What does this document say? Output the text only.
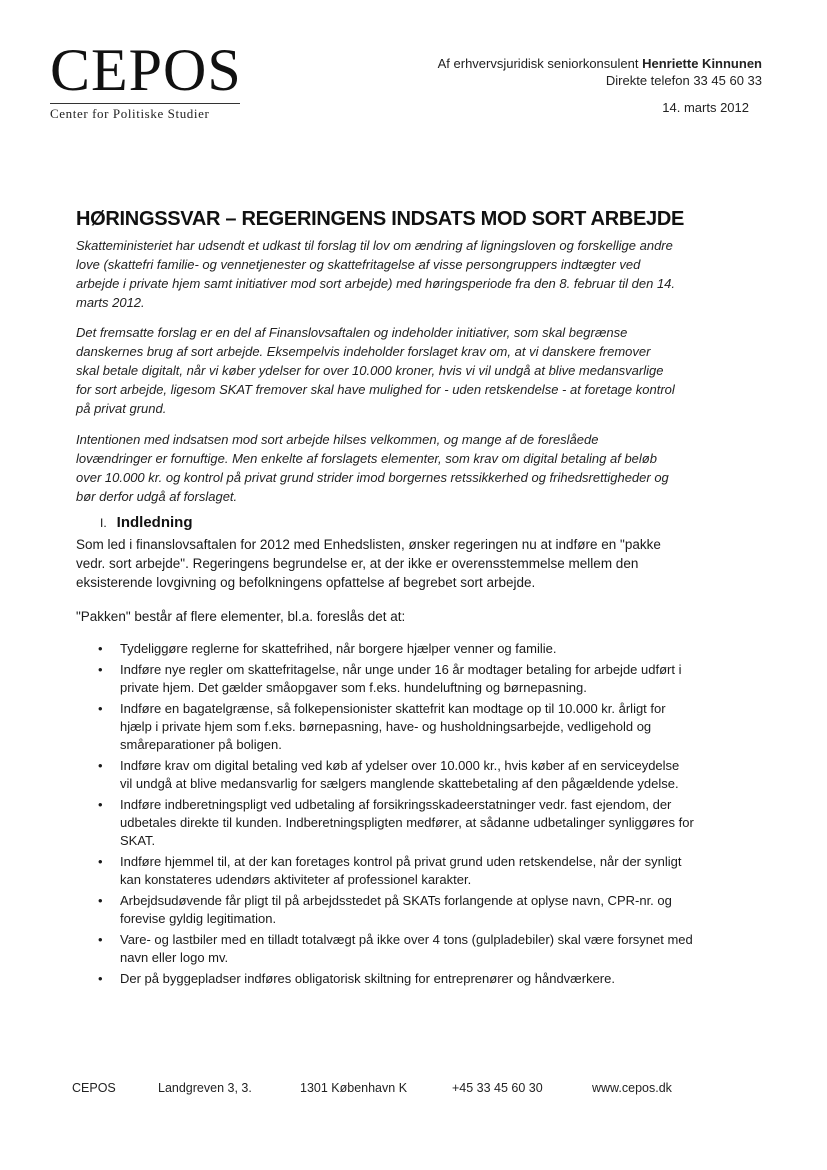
CEPOS
Center for Politiske Studier
Af erhvervsjuridisk seniorkonsulent Henriette Kinnunen
Direkte telefon 33 45 60 33
14. marts 2012
HØRINGSSVAR – REGERINGENS INDSATS MOD SORT ARBEJDE

Skatteministeriet har udsendt et udkast til forslag til lov om ændring af ligningsloven og forskellige andre love (skattefri familie- og vennetjenester og skattefritagelse af visse persongruppers indtægter ved arbejde i private hjem samt initiativer mod sort arbejde) med høringsperiode fra den 8. februar til den 14. marts 2012.

Det fremsatte forslag er en del af Finanslovsaftalen og indeholder initiativer, som skal begrænse danskernes brug af sort arbejde. Eksempelvis indeholder forslaget krav om, at vi danskere fremover skal betale digitalt, når vi køber ydelser for over 10.000 kroner, hvis vi vil undgå at blive medansvarlige for sort arbejde, ligesom SKAT fremover skal have mulighed for - uden retskendelse - at foretage kontrol på privat grund.

Intentionen med indsatsen mod sort arbejde hilses velkommen, og mange af de foreslåede lovændringer er fornuftige. Men enkelte af forslagets elementer, som krav om digital betaling af beløb over 10.000 kr. og kontrol på privat grund strider imod borgernes retssikkerhed og frihedsrettigheder og bør derfor udgå af forslaget.

I. Indledning

Som led i finanslovsaftalen for 2012 med Enhedslisten, ønsker regeringen nu at indføre en "pakke vedr. sort arbejde". Regeringens begrundelse er, at der ikke er overensstemmelse mellem den eksisterende lovgivning og befolkningens opfattelse af begrebet sort arbejde.

"Pakken" består af flere elementer, bl.a. foreslås det at:

• Tydeliggøre reglerne for skattefrihed, når borgere hjælper venner og familie.
• Indføre nye regler om skattefritagelse, når unge under 16 år modtager betaling for arbejde udført i private hjem. Det gælder småopgaver som f.eks. hundeluftning og børnepasning.
• Indføre en bagatelgrænse, så folkepensionister skattefrit kan modtage op til 10.000 kr. årligt for hjælp i private hjem som f.eks. børnepasning, have- og husholdningsarbejde, vedligehold og småreparationer på boligen.
• Indføre krav om digital betaling ved køb af ydelser over 10.000 kr., hvis køber af en serviceydelse vil undgå at blive medansvarlig for sælgers manglende skattebetaling af den pågældende ydelse.
• Indføre indberetningspligt ved udbetaling af forsikringsskadeerstatninger vedr. fast ejendom, der udbetales direkte til kunden. Indberetningspligten medfører, at sådanne udbetalinger synliggøres for SKAT.
• Indføre hjemmel til, at der kan foretages kontrol på privat grund uden retskendelse, når der synligt kan konstateres udendørs aktiviteter af professionel karakter.
• Arbejdsudøvende får pligt til på arbejdsstedet på SKATs forlangende at oplyse navn, CPR-nr. og forevise gyldig legitimation.
• Vare- og lastbiler med en tilladt totalvægt på ikke over 4 tons (gulpladebiler) skal være forsynet med navn eller logo mv.
• Der på byggepladser indføres obligatorisk skiltning for entreprenører og håndværkere.
CEPOS	Landgreven 3, 3.	1301 København K	+45 33 45 60 30	www.cepos.dk
